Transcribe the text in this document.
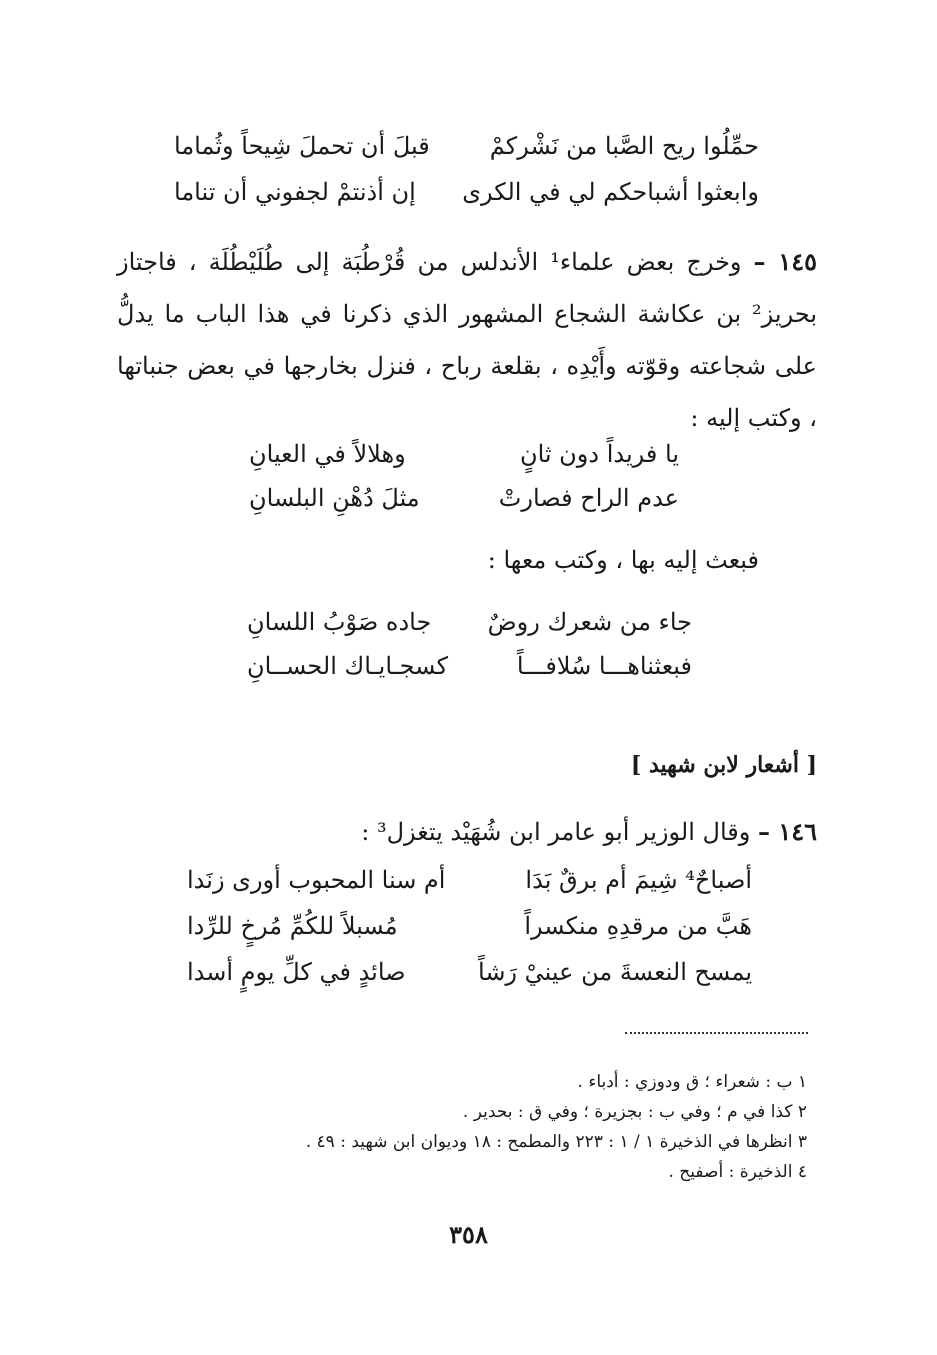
حمِّلُوا ريح الصَّبا من نَشْركمْ
قبلَ أن تحملَ شِيحاً وثُماما
وابعثوا أشباحكم لي في الكرى
إن أذنتمْ لجفوني أن تناما

١٤٥ – وخرج بعض علماء¹ الأندلس من قُرْطُبَة إلى طُلَيْطُلَة ، فاجتاز بحريز² بن عكاشة الشجاع المشهور الذي ذكرنا في هذا الباب ما يدلُّ على شجاعته وقوّته وأَيْدِه ، بقلعة رباح ، فنزل بخارجها في بعض جنباتها ، وكتب إليه :

يا فريداً دون ثانٍ
وهلالاً في العيانِ
عدم الراح فصارتْ
مثلَ دُهْنِ البلسانِ
فبعث إليه بها ، وكتب معها :
جاء من شعرك روضٌ
جاده صَوْبُ اللسانِ
فبعثناهـــا سُلافـــاً
كسجـايـاك الحســانِ
[ أشعار لابن شهيد ]

١٤٦ – وقال الوزير أبو عامر ابن شُهَيْد يتغزل³ :

أصباحٌ⁴ شِيمَ أم برقٌ بَدَا
أم سنا المحبوب أورى زنَدا
هَبَّ من مرقدِهِ منكسراً
مُسبلاً للكُمِّ مُرخٍ للرِّدا
يمسح النعسةَ من عينيْ رَشاً
صائدٍ في كلِّ يومٍ أسدا
١ ب : شعراء ؛ ق ودوزي : أدباء .
٢ كذا في م ؛ وفي ب : بجزيرة ؛ وفي ق : بحدير .
٣ انظرها في الذخيرة ١ / ١ : ٢٢٣ والمطمح : ١٨ وديوان ابن شهيد : ٤٩ .
٤ الذخيرة : أصفيح .
٣٥٨
